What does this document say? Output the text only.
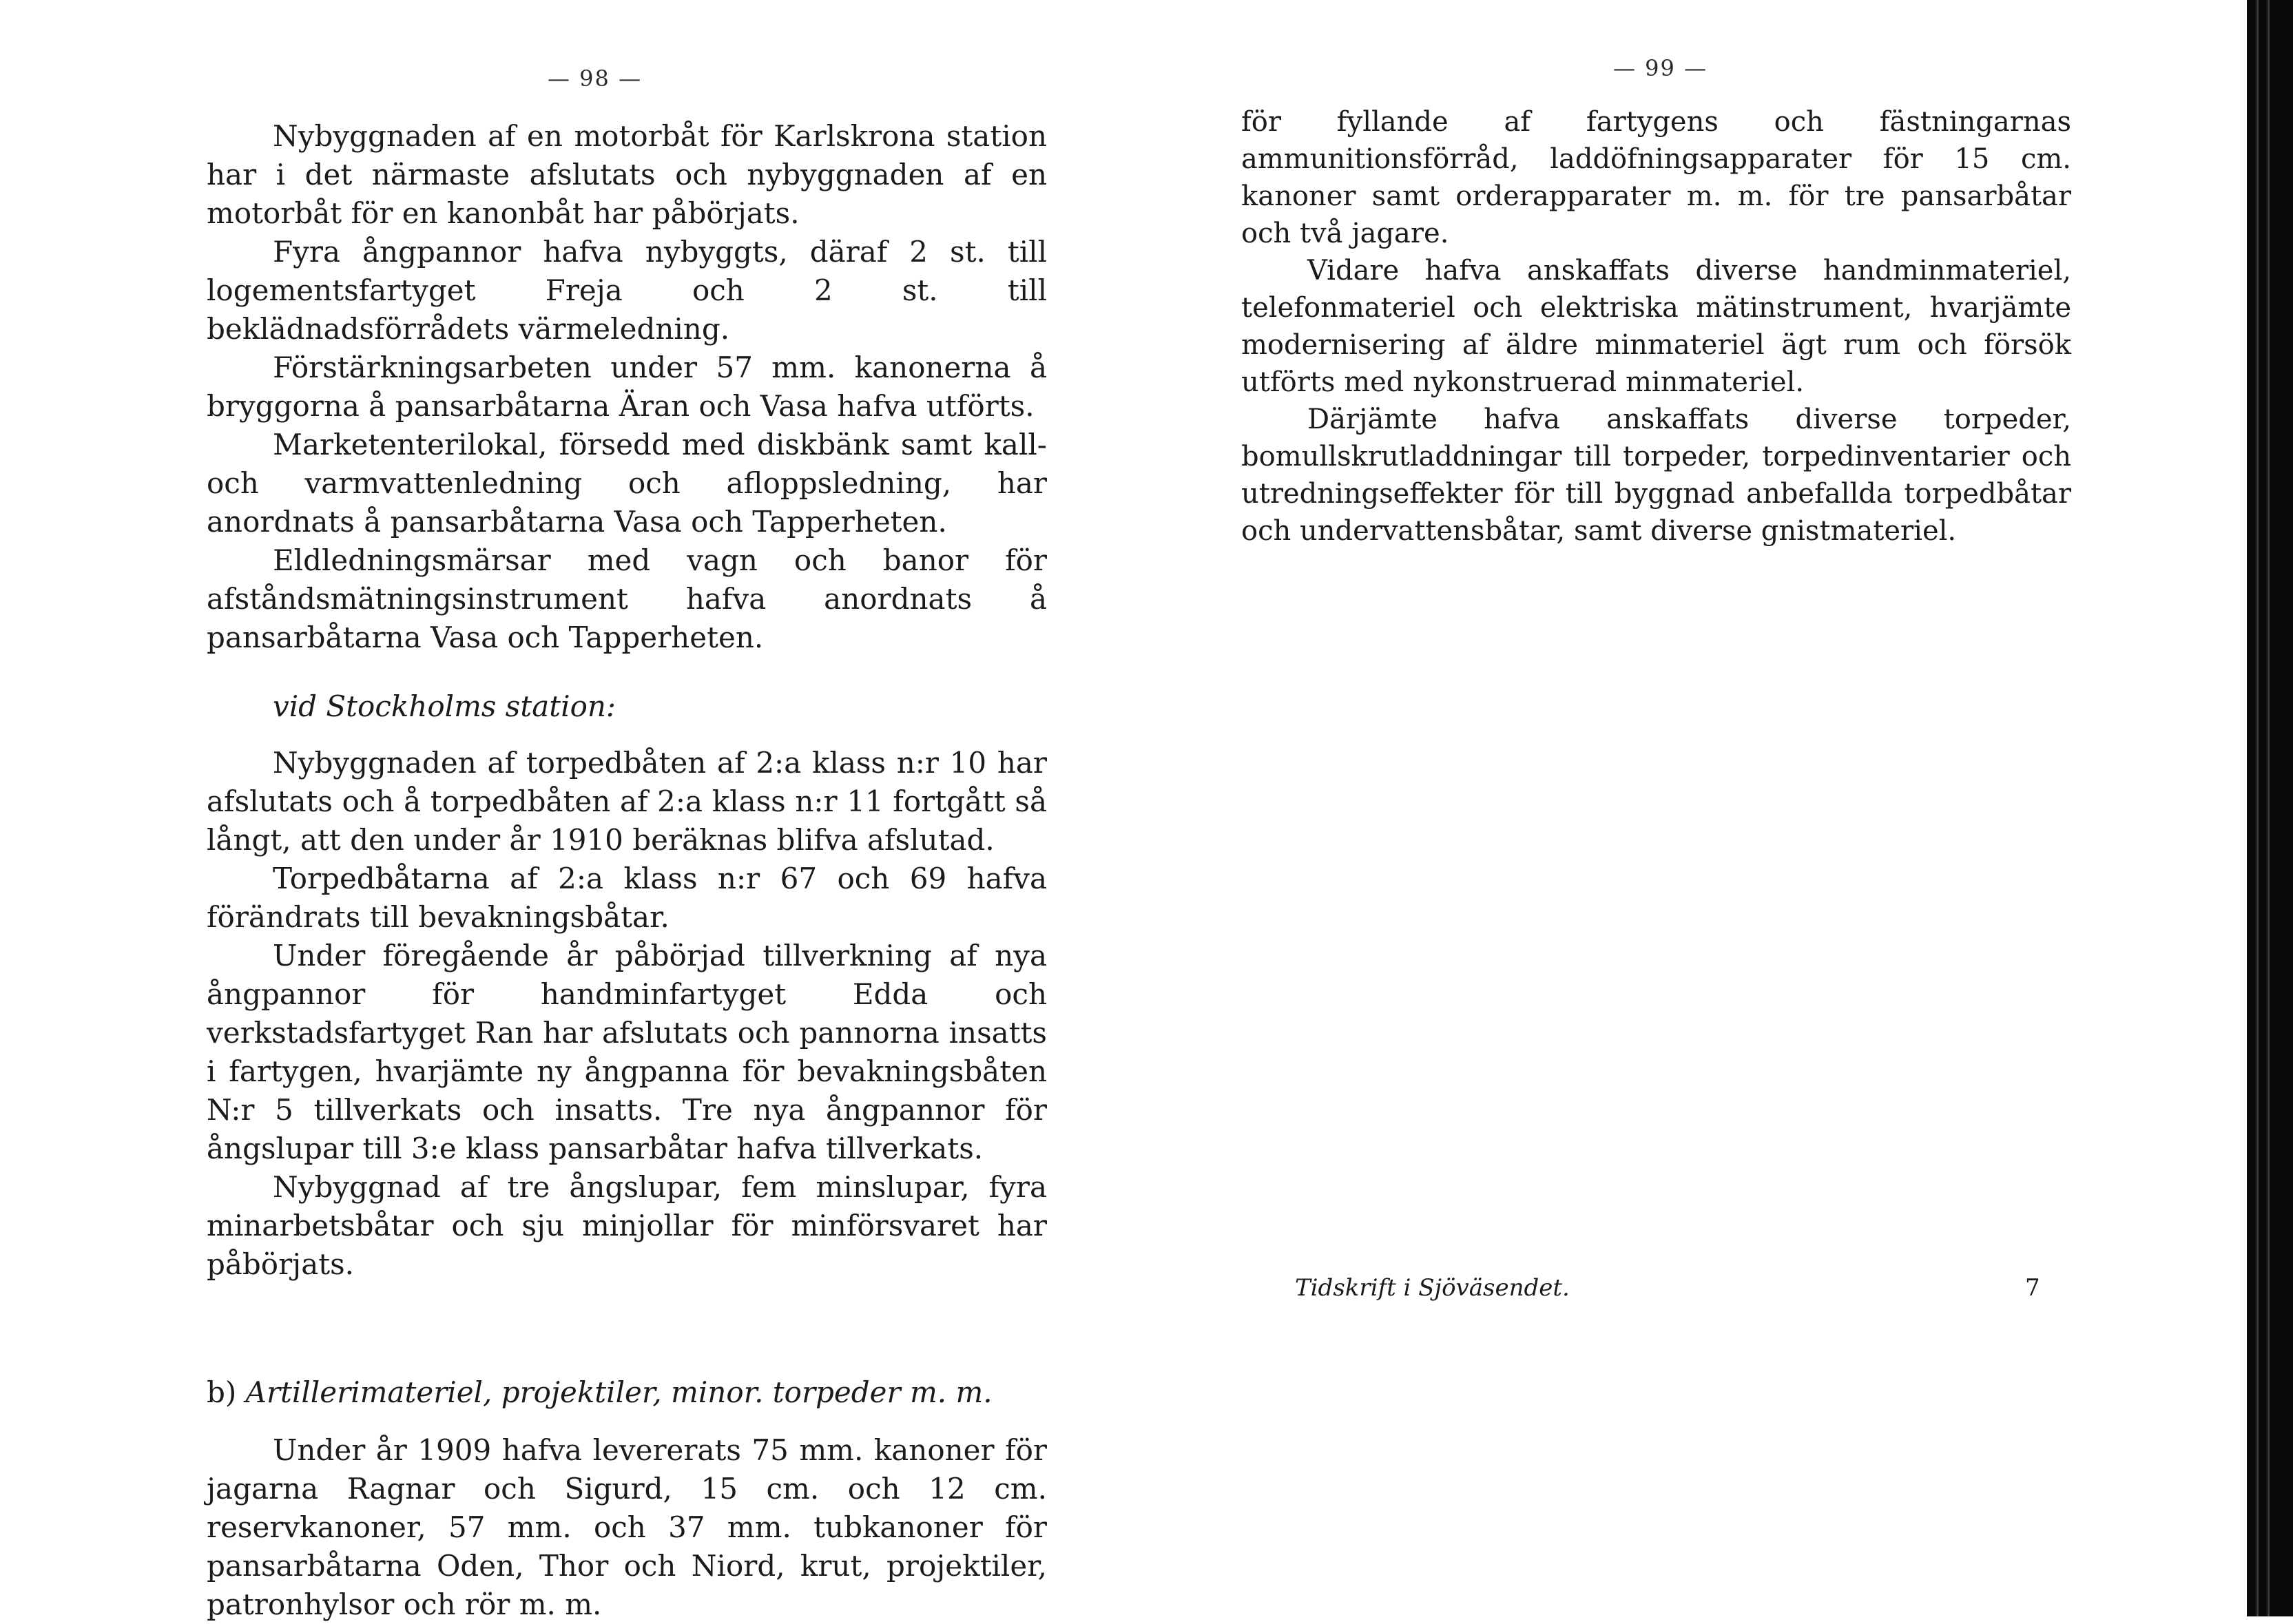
— 98 —

Nybyggnaden af en motorbåt för Karlskrona station har i det närmaste afslutats och nybyggnaden af en motorbåt för en kanonbåt har påbörjats.

Fyra ångpannor hafva nybyggts, däraf 2 st. till logementsfartyget Freja och 2 st. till beklädnadsförrådets värmeledning.

Förstärkningsarbeten under 57 mm. kanonerna å bryggorna å pansarbåtarna Äran och Vasa hafva utförts.

Marketenterilokal, försedd med diskbänk samt kall- och varmvattenledning och afloppsledning, har anordnats å pansarbåtarna Vasa och Tapperheten.

Eldledningsmärsar med vagn och banor för afståndsmätningsinstrument hafva anordnats å pansarbåtarna Vasa och Tapperheten.

vid Stockholms station:

Nybyggnaden af torpedbåten af 2:a klass n:r 10 har afslutats och å torpedbåten af 2:a klass n:r 11 fortgått så långt, att den under år 1910 beräknas blifva afslutad.

Torpedbåtarna af 2:a klass n:r 67 och 69 hafva förändrats till bevakningsbåtar.

Under föregående år påbörjad tillverkning af nya ångpannor för handminfartyget Edda och verkstadsfartyget Ran har afslutats och pannorna insatts i fartygen, hvarjämte ny ångpanna för bevakningsbåten N:r 5 tillverkats och insatts. Tre nya ångpannor för ångslupar till 3:e klass pansarbåtar hafva tillverkats.

Nybyggnad af tre ångslupar, fem minslupar, fyra minarbetsbåtar och sju minjollar för minförsvaret har påbörjats.

b) Artillerimateriel, projektiler, minor. torpeder m. m.

Under år 1909 hafva levererats 75 mm. kanoner för jagarna Ragnar och Sigurd, 15 cm. och 12 cm. reservkanoner, 57 mm. och 37 mm. tubkanoner för pansarbåtarna Oden, Thor och Niord, krut, projektiler, patronhylsor och rör m. m.

— 99 —

för fyllande af fartygens och fästningarnas ammunitionsförråd, laddöfningsapparater för 15 cm. kanoner samt orderapparater m. m. för tre pansarbåtar och två jagare.

Vidare hafva anskaffats diverse handminmateriel, telefonmateriel och elektriska mätinstrument, hvarjämte modernisering af äldre minmateriel ägt rum och försök utförts med nykonstruerad minmateriel.

Därjämte hafva anskaffats diverse torpeder, bomullskrutladdningar till torpeder, torpedinventarier och utredningseffekter för till byggnad anbefallda torpedbåtar och undervattensbåtar, samt diverse gnistmateriel.

Tidskrift i Sjöväsendet.	7
